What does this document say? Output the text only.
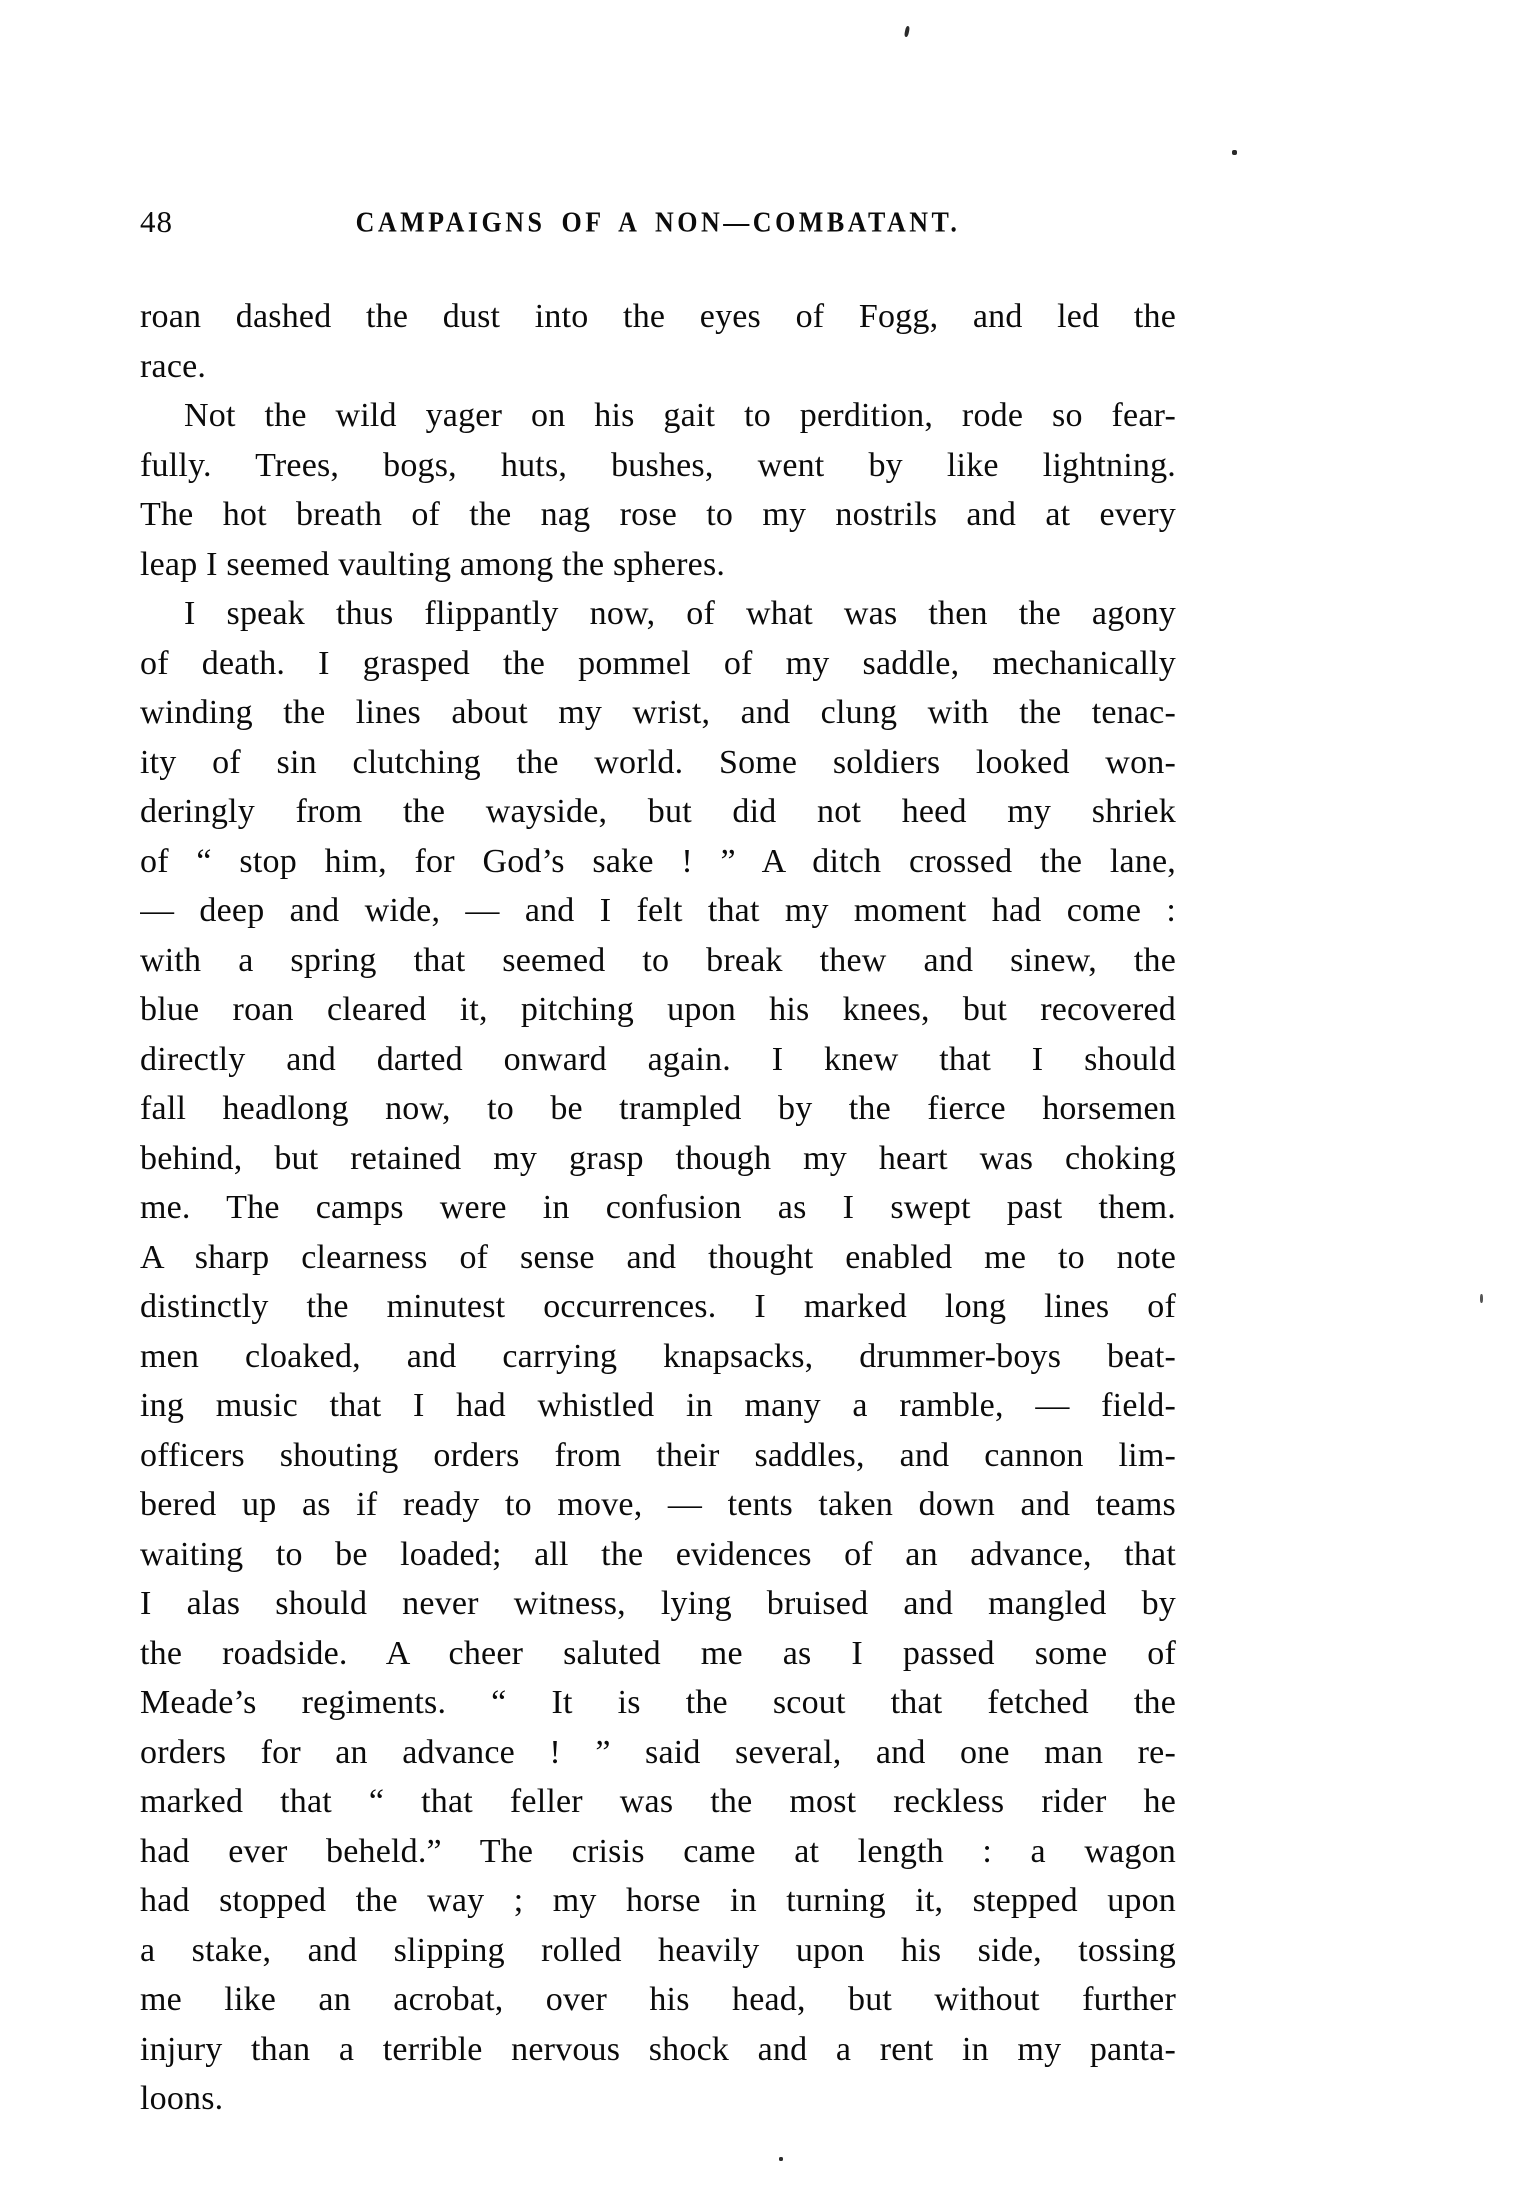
48	CAMPAIGNS OF A NON—COMBATANT.
roan dashed the dust into the eyes of Fogg, and led the
race.
Not the wild yager on his gait to perdition, rode so fear-
fully. Trees, bogs, huts, bushes, went by like lightning.
The hot breath of the nag rose to my nostrils and at every
leap I seemed vaulting among the spheres.
I speak thus flippantly now, of what was then the agony
of death. I grasped the pommel of my saddle, mechanically
winding the lines about my wrist, and clung with the tenac-
ity of sin clutching the world. Some soldiers looked won-
deringly from the wayside, but did not heed my shriek
of “ stop him, for God’s sake ! ” A ditch crossed the lane,
— deep and wide, — and I felt that my moment had come :
with a spring that seemed to break thew and sinew, the
blue roan cleared it, pitching upon his knees, but recovered
directly and darted onward again. I knew that I should
fall headlong now, to be trampled by the fierce horsemen
behind, but retained my grasp though my heart was choking
me. The camps were in confusion as I swept past them.
A sharp clearness of sense and thought enabled me to note
distinctly the minutest occurrences. I marked long lines of
men cloaked, and carrying knapsacks, drummer-boys beat-
ing music that I had whistled in many a ramble, — field-
officers shouting orders from their saddles, and cannon lim-
bered up as if ready to move, — tents taken down and teams
waiting to be loaded; all the evidences of an advance, that
I alas should never witness, lying bruised and mangled by
the roadside. A cheer saluted me as I passed some of
Meade’s regiments. “ It is the scout that fetched the
orders for an advance ! ” said several, and one man re-
marked that “ that feller was the most reckless rider he
had ever beheld.” The crisis came at length : a wagon
had stopped the way ; my horse in turning it, stepped upon
a stake, and slipping rolled heavily upon his side, tossing
me like an acrobat, over his head, but without further
injury than a terrible nervous shock and a rent in my panta-
loons.
